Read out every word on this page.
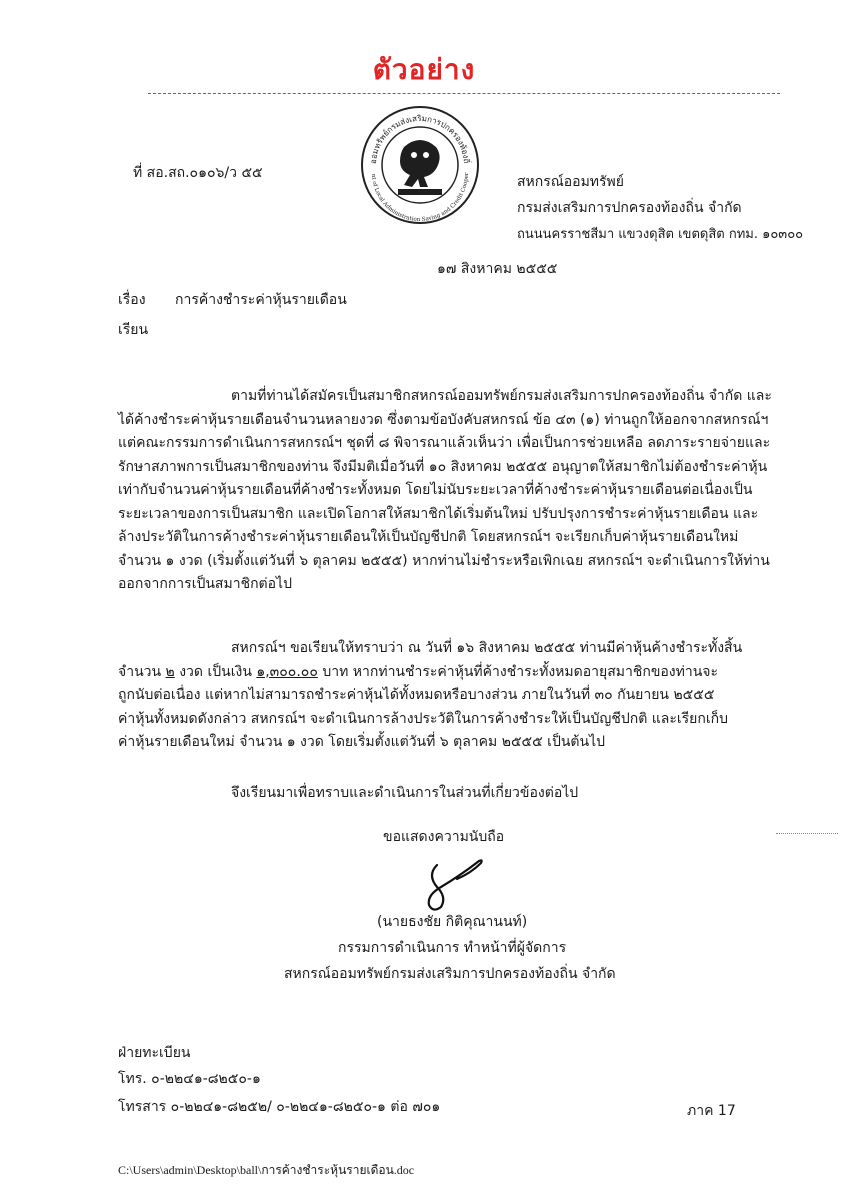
ตัวอย่าง
ออมทรัพย์กรมส่งเสริมการปกครองท้องถิ่
nt of Local Administration Saving and Credit Cooper
ที่ สอ.สถ.๐๑๐๖/ว ๕๕
สหกรณ์ออมทรัพย์
กรมส่งเสริมการปกครองท้องถิ่น จำกัด
ถนนนครราชสีมา แขวงดุสิต เขตดุสิต กทม. ๑๐๓๐๐
๑๗ สิงหาคม ๒๕๕๕
เรื่อง การค้างชำระค่าหุ้นรายเดือน
เรียน
ตามที่ท่านได้สมัครเป็นสมาชิกสหกรณ์ออมทรัพย์กรมส่งเสริมการปกครองท้องถิ่น จำกัด และ
ได้ค้างชำระค่าหุ้นรายเดือนจำนวนหลายงวด ซึ่งตามข้อบังคับสหกรณ์ ข้อ ๔๓ (๑) ท่านถูกให้ออกจากสหกรณ์ฯ
แต่คณะกรรมการดำเนินการสหกรณ์ฯ ชุดที่ ๘ พิจารณาแล้วเห็นว่า เพื่อเป็นการช่วยเหลือ ลดภาระรายจ่ายและ
รักษาสภาพการเป็นสมาชิกของท่าน จึงมีมติเมื่อวันที่ ๑๐ สิงหาคม ๒๕๕๕ อนุญาตให้สมาชิกไม่ต้องชำระค่าหุ้น
เท่ากับจำนวนค่าหุ้นรายเดือนที่ค้างชำระทั้งหมด โดยไม่นับระยะเวลาที่ค้างชำระค่าหุ้นรายเดือนต่อเนื่องเป็น
ระยะเวลาของการเป็นสมาชิก และเปิดโอกาสให้สมาชิกได้เริ่มต้นใหม่ ปรับปรุงการชำระค่าหุ้นรายเดือน และ
ล้างประวัติในการค้างชำระค่าหุ้นรายเดือนให้เป็นบัญชีปกติ โดยสหกรณ์ฯ จะเรียกเก็บค่าหุ้นรายเดือนใหม่
จำนวน ๑ งวด (เริ่มตั้งแต่วันที่ ๖ ตุลาคม ๒๕๕๕) หากท่านไม่ชำระหรือเพิกเฉย สหกรณ์ฯ จะดำเนินการให้ท่าน
ออกจากการเป็นสมาชิกต่อไป
สหกรณ์ฯ ขอเรียนให้ทราบว่า ณ วันที่ ๑๖ สิงหาคม ๒๕๕๕ ท่านมีค่าหุ้นค้างชำระทั้งสิ้น
จำนวน ๒ งวด เป็นเงิน ๑,๓๐๐.๐๐ บาท หากท่านชำระค่าหุ้นที่ค้างชำระทั้งหมดอายุสมาชิกของท่านจะ
ถูกนับต่อเนื่อง แต่หากไม่สามารถชำระค่าหุ้นได้ทั้งหมดหรือบางส่วน ภายในวันที่ ๓๐ กันยายน ๒๕๕๕
ค่าหุ้นทั้งหมดดังกล่าว สหกรณ์ฯ จะดำเนินการล้างประวัติในการค้างชำระให้เป็นบัญชีปกติ และเรียกเก็บ
ค่าหุ้นรายเดือนใหม่ จำนวน ๑ งวด โดยเริ่มตั้งแต่วันที่ ๖ ตุลาคม ๒๕๕๕ เป็นต้นไป
จึงเรียนมาเพื่อทราบและดำเนินการในส่วนที่เกี่ยวข้องต่อไป
ขอแสดงความนับถือ
(นายธงชัย กิติคุณานนท์)
กรรมการดำเนินการ ทำหน้าที่ผู้จัดการ
สหกรณ์ออมทรัพย์กรมส่งเสริมการปกครองท้องถิ่น จำกัด
ฝ่ายทะเบียน
โทร. ๐-๒๒๔๑-๘๒๕๐-๑
โทรสาร ๐-๒๒๔๑-๘๒๕๒/ ๐-๒๒๔๑-๘๒๕๐-๑ ต่อ ๗๐๑	ภาค 17
C:\Users\admin\Desktop\ball\การค้างชำระหุ้นรายเดือน.doc
